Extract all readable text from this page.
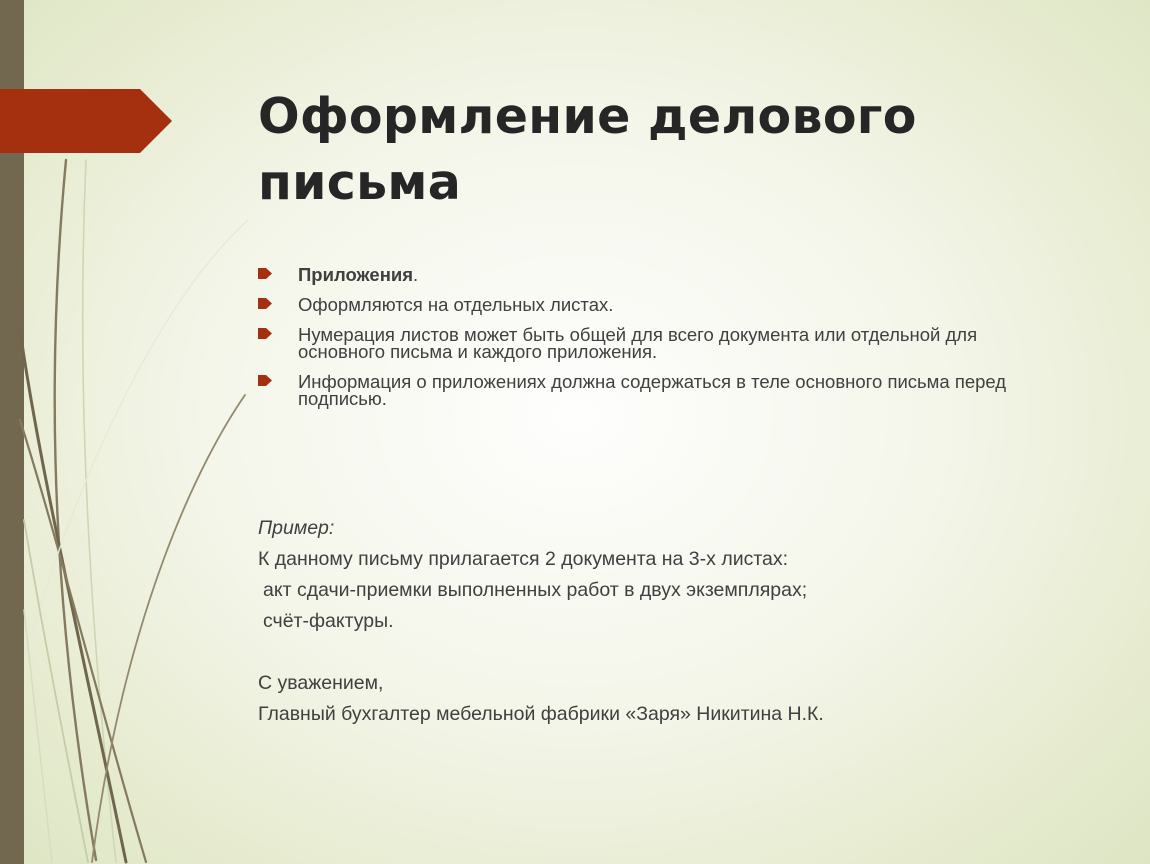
Оформление делового письма
Приложения.
Оформляются на отдельных листах.
Нумерация листов может быть общей для всего документа или отдельной для основного письма и каждого приложения.
Информация о приложениях должна содержаться в теле основного письма перед подписью.
Пример:
К данному письму прилагается 2 документа на 3-х листах:
акт сдачи-приемки выполненных работ в двух экземплярах;
счёт-фактуры.
С уважением,
Главный бухгалтер мебельной фабрики «Заря» Никитина Н.К.
